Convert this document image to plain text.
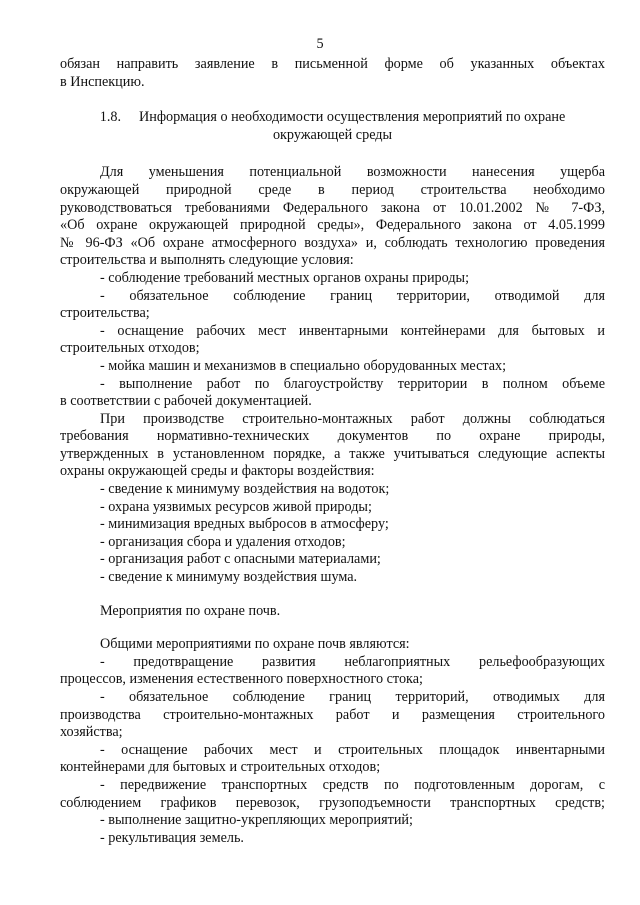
5
обязан направить заявление в письменной форме об указанных объектах
в Инспекцию.
1.8. Информация о необходимости осуществления мероприятий по охране
окружающей среды
Для уменьшения потенциальной возможности нанесения ущерба
окружающей природной среде в период строительства необходимо
руководствоваться требованиями Федерального закона от 10.01.2002 № 7-ФЗ,
«Об охране окружающей природной среды», Федерального закона от 4.05.1999
№ 96-ФЗ «Об охране атмосферного воздуха» и, соблюдать технологию проведения
строительства и выполнять следующие условия:
- соблюдение требований местных органов охраны природы;
- обязательное соблюдение границ территории, отводимой для
строительства;
- оснащение рабочих мест инвентарными контейнерами для бытовых и
строительных отходов;
- мойка машин и механизмов в специально оборудованных местах;
- выполнение работ по благоустройству территории в полном объеме
в соответствии с рабочей документацией.
При производстве строительно-монтажных работ должны соблюдаться
требования нормативно-технических документов по охране природы,
утвержденных в установленном порядке, а также учитываться следующие аспекты
охраны окружающей среды и факторы воздействия:
- сведение к минимуму воздействия на водоток;
- охрана уязвимых ресурсов живой природы;
- минимизация вредных выбросов в атмосферу;
- организация сбора и удаления отходов;
- организация работ с опасными материалами;
- сведение к минимуму воздействия шума.
Мероприятия по охране почв.
Общими мероприятиями по охране почв являются:
- предотвращение развития неблагоприятных рельефообразующих
процессов, изменения естественного поверхностного стока;
- обязательное соблюдение границ территорий, отводимых для
производства строительно-монтажных работ и размещения строительного
хозяйства;
- оснащение рабочих мест и строительных площадок инвентарными
контейнерами для бытовых и строительных отходов;
- передвижение транспортных средств по подготовленным дорогам, с
соблюдением графиков перевозок, грузоподъемности транспортных средств;
- выполнение защитно-укрепляющих мероприятий;
- рекультивация земель.
